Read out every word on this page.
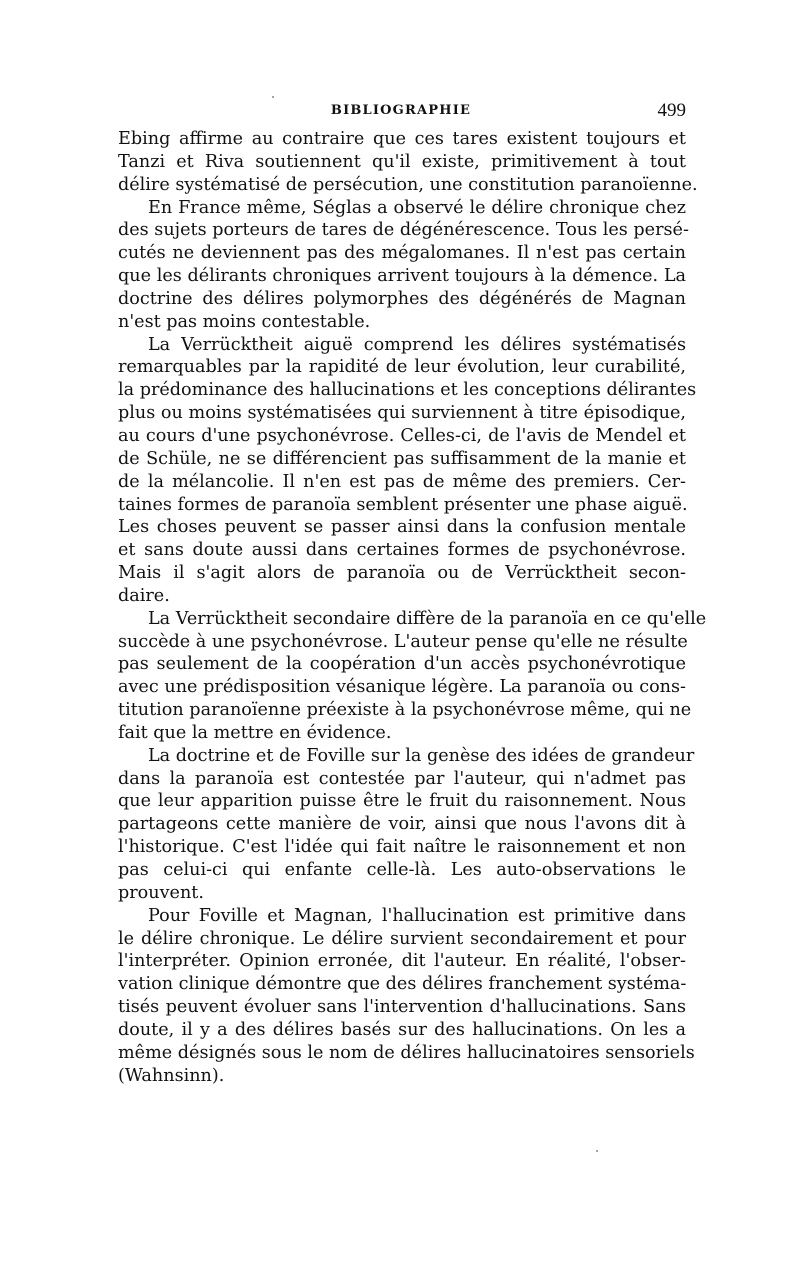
BIBLIOGRAPHIE	499
Ebing affirme au contraire que ces tares existent toujours et
Tanzi et Riva soutiennent qu'il existe, primitivement à tout
délire systématisé de persécution, une constitution paranoïenne.
En France même, Séglas a observé le délire chronique chez
des sujets porteurs de tares de dégénérescence. Tous les persé-
cutés ne deviennent pas des mégalomanes. Il n'est pas certain
que les délirants chroniques arrivent toujours à la démence. La
doctrine des délires polymorphes des dégénérés de Magnan
n'est pas moins contestable.
La Verrücktheit aiguë comprend les délires systématisés
remarquables par la rapidité de leur évolution, leur curabilité,
la prédominance des hallucinations et les conceptions délirantes
plus ou moins systématisées qui surviennent à titre épisodique,
au cours d'une psychonévrose. Celles-ci, de l'avis de Mendel et
de Schüle, ne se différencient pas suffisamment de la manie et
de la mélancolie. Il n'en est pas de même des premiers. Cer-
taines formes de paranoïa semblent présenter une phase aiguë.
Les choses peuvent se passer ainsi dans la confusion mentale
et sans doute aussi dans certaines formes de psychonévrose.
Mais il s'agit alors de paranoïa ou de Verrücktheit secon-
daire.
La Verrücktheit secondaire diffère de la paranoïa en ce qu'elle
succède à une psychonévrose. L'auteur pense qu'elle ne résulte
pas seulement de la coopération d'un accès psychonévrotique
avec une prédisposition vésanique légère. La paranoïa ou cons-
titution paranoïenne préexiste à la psychonévrose même, qui ne
fait que la mettre en évidence.
La doctrine et de Foville sur la genèse des idées de grandeur
dans la paranoïa est contestée par l'auteur, qui n'admet pas
que leur apparition puisse être le fruit du raisonnement. Nous
partageons cette manière de voir, ainsi que nous l'avons dit à
l'historique. C'est l'idée qui fait naître le raisonnement et non
pas celui-ci qui enfante celle-là. Les auto-observations le
prouvent.
Pour Foville et Magnan, l'hallucination est primitive dans
le délire chronique. Le délire survient secondairement et pour
l'interpréter. Opinion erronée, dit l'auteur. En réalité, l'obser-
vation clinique démontre que des délires franchement systéma-
tisés peuvent évoluer sans l'intervention d'hallucinations. Sans
doute, il y a des délires basés sur des hallucinations. On les a
même désignés sous le nom de délires hallucinatoires sensoriels
(Wahnsinn).
